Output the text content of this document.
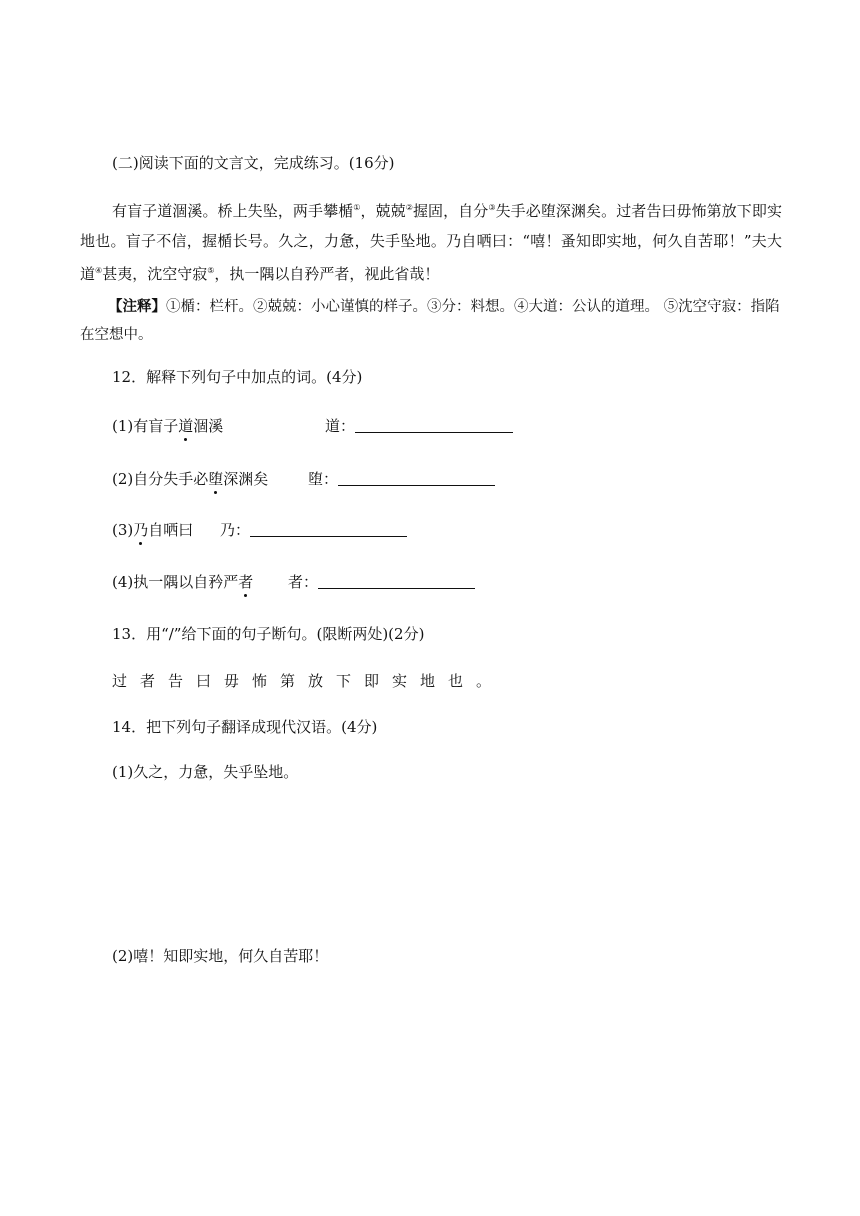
(二)阅读下面的文言文，完成练习。(16分)
有盲子道涸溪。桥上失坠，两手攀楯①，兢兢②握固，自分③失手必堕深渊矣。过者告曰毋怖第放下即实地也。盲子不信，握楯长号。久之，力惫，失手坠地。乃自哂曰：“嘻！蚤知即实地，何久自苦耶！”夫大道④甚夷，沈空守寂⑤，执一隅以自矜严者，视此省哉！
【注释】①楯：栏杆。②兢兢：小心谨慎的样子。③分：料想。④大道：公认的道理。 ⑤沈空守寂：指陷在空想中。
12．解释下列句子中加点的词。(4分)
(1)有盲子道涸溪	道：
(2)自分失手必堕深渊矣	堕：
(3)乃自哂曰 乃：
(4)执一隅以自矜严者 者：
13．用“/”给下面的句子断句。(限断两处)(2分)
过者告曰毋怖第放下即实地也。
14．把下列句子翻译成现代汉语。(4分)
(1)久之，力惫，失乎坠地。
(2)嘻！知即实地，何久自苦耶！
